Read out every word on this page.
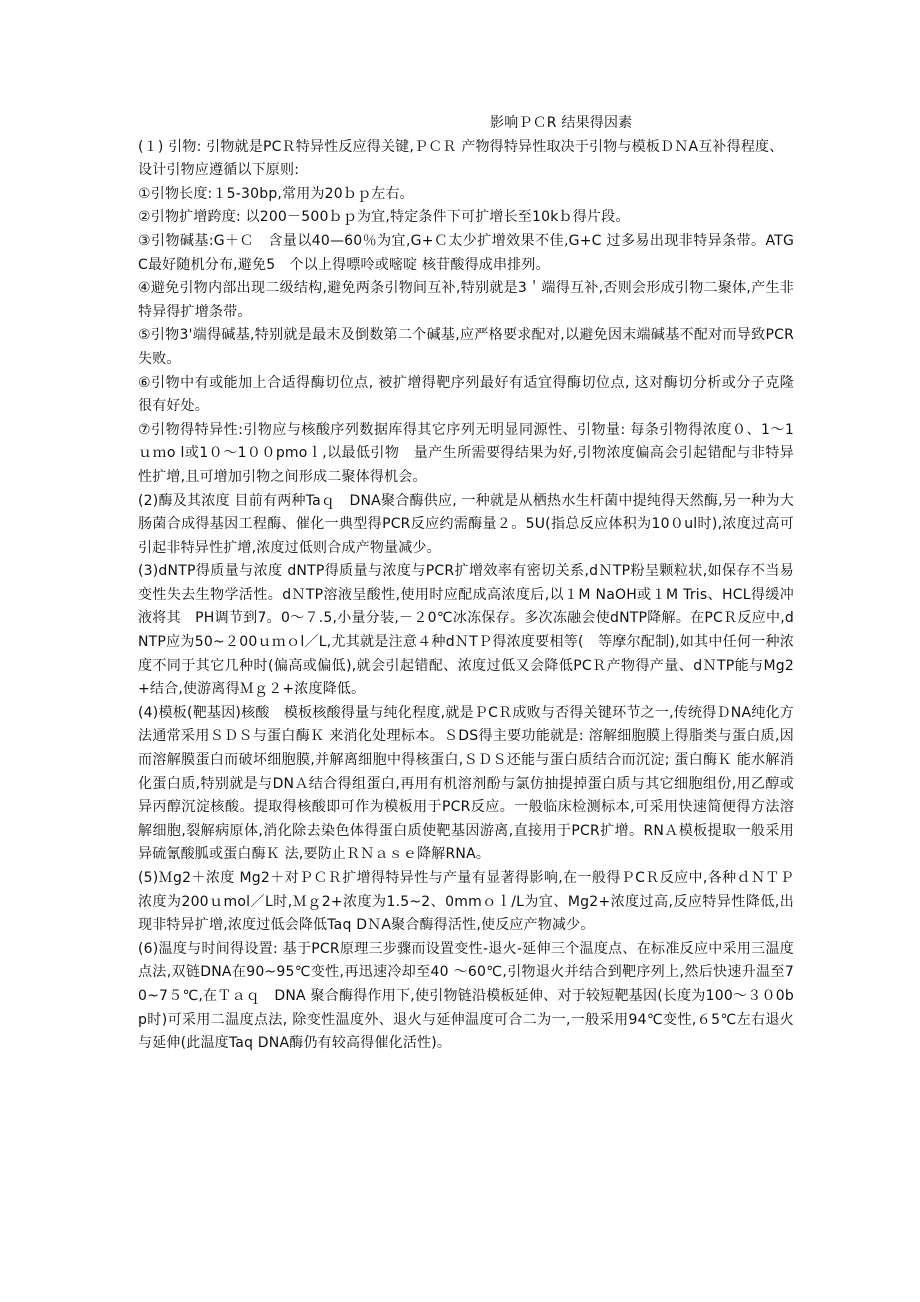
影响ＰＣR 结果得因素

(１) 引物: 引物就是PCＲ特异性反应得关键,ＰＣＲ 产物得特异性取决于引物与模板ＤＮA互补得程度、

设计引物应遵循以下原则:

①引物长度:１5-30bp,常用为20ｂｐ左右。

②引物扩增跨度: 以200－500ｂｐ为宜,特定条件下可扩增长至10kｂ得片段。

③引物碱基:G＋Ｃ　含量以40—60％为宜,G+Ｃ太少扩增效果不佳,G+C 过多易出现非特异条带。ATGC最好随机分布,避免5　个以上得嘌呤或嘧啶 核苷酸得成串排列。

④避免引物内部出现二级结构,避免两条引物间互补,特别就是3＇端得互补,否则会形成引物二聚体,产生非特异得扩增条带。

⑤引物3'端得碱基,特别就是最末及倒数第二个碱基,应严格要求配对,以避免因末端碱基不配对而导致PCR失败。

⑥引物中有或能加上合适得酶切位点, 被扩增得靶序列最好有适宜得酶切位点, 这对酶切分析或分子克隆很有好处。

⑦引物得特异性:引物应与核酸序列数据库得其它序列无明显同源性、引物量: 每条引物得浓度０、1～1ｕｍo l或1０～1００pmoｌ,以最低引物　量产生所需要得结果为好,引物浓度偏高会引起错配与非特异性扩增,且可增加引物之间形成二聚体得机会。

(2)酶及其浓度 目前有两种Taｑ　DNA聚合酶供应, 一种就是从栖热水生杆菌中提纯得天然酶,另一种为大肠菌合成得基因工程酶、催化一典型得PCR反应约需酶量２。5U(指总反应体积为10０ul时),浓度过高可引起非特异性扩增,浓度过低则合成产物量减少。

(3)dNTP得质量与浓度 dNTP得质量与浓度与PCR扩增效率有密切关系,dＮTP粉呈颗粒状,如保存不当易变性失去生物学活性。dＮTP溶液呈酸性,使用时应配成高浓度后,以１M NaOH或１M Tris、HCL得缓冲液将其　PH调节到7。0～７.5,小量分装,－２0℃冰冻保存。多次冻融会使dNTP降解。在PCＲ反应中,dNTP应为50~２00ｕｍｏl／L,尤其就是注意４种dＮTＰ得浓度要相等(　等摩尔配制),如其中任何一种浓度不同于其它几种时(偏高或偏低),就会引起错配、浓度过低又会降低PCＲ产物得产量、dＮTP能与Mg2+结合,使游离得Ｍｇ２+浓度降低。

(4)模板(靶基因)核酸　模板核酸得量与纯化程度,就是ＰCＲ成败与否得关键环节之一,传统得ＤNA纯化方法通常采用ＳＤＳ与蛋白酶Ｋ 来消化处理标本。ＳDS得主要功能就是: 溶解细胞膜上得脂类与蛋白质,因而溶解膜蛋白而破坏细胞膜,并解离细胞中得核蛋白,ＳＤＳ还能与蛋白质结合而沉淀; 蛋白酶Ｋ 能水解消化蛋白质,特别就是与DNＡ结合得组蛋白,再用有机溶剂酚与氯仿抽提掉蛋白质与其它细胞组份,用乙醇或异丙醇沉淀核酸。提取得核酸即可作为模板用于PCR反应。一般临床检测标本,可采用快速简便得方法溶解细胞,裂解病原体,消化除去染色体得蛋白质使靶基因游离,直接用于PCR扩增。RNＡ模板提取一般采用异硫氰酸胍或蛋白酶Ｋ 法,要防止ＲＮａｓｅ降解RNA。

(5)Ｍg2＋浓度 Mg2＋对ＰＣＲ扩增得特异性与产量有显著得影响,在一般得ＰCＲ反应中,各种ｄＮＴＰ浓度为200ｕmol／L时,Ｍｇ2+浓度为1.5~2、0mmｏｌ/L为宜、Mg2+浓度过高,反应特异性降低,出现非特异扩增,浓度过低会降低Taq DＮA聚合酶得活性,使反应产物减少。

(6)温度与时间得设置: 基于PCR原理三步骤而设置变性-退火-延伸三个温度点、在标准反应中采用三温度点法,双链DNA在90~95℃变性,再迅速冷却至40 ～60℃,引物退火并结合到靶序列上,然后快速升温至70~7５℃,在Ｔａｑ　DNA 聚合酶得作用下,使引物链沿模板延伸、对于较短靶基因(长度为100～３０0bp时)可采用二温度点法, 除变性温度外、退火与延伸温度可合二为一,一般采用94℃变性,６5℃左右退火与延伸(此温度Taq DNA酶仍有较高得催化活性)。
